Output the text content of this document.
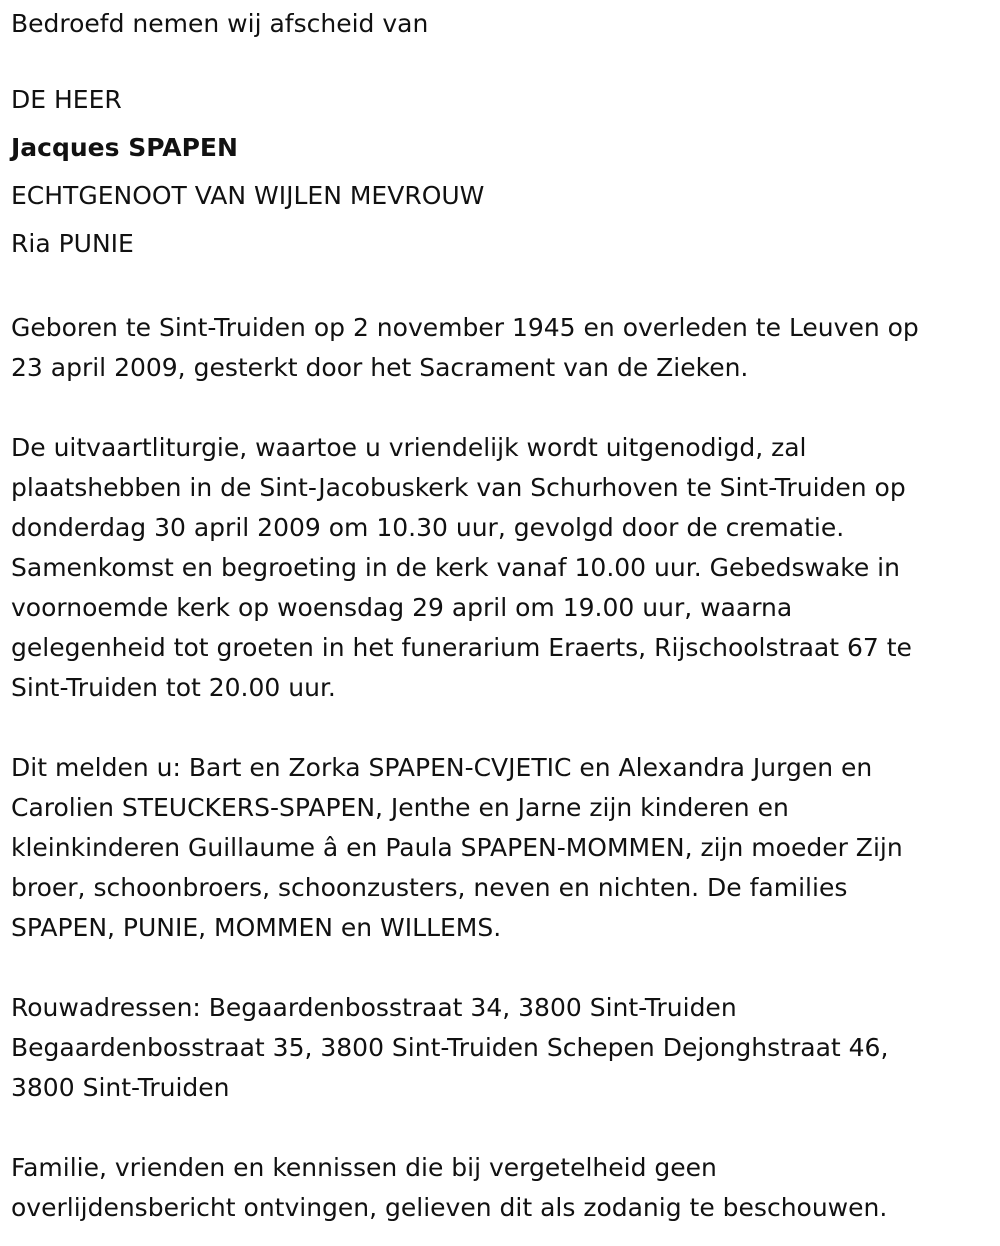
Bedroefd nemen wij afscheid van

DE HEER

Jacques SPAPEN

ECHTGENOOT VAN WIJLEN MEVROUW

Ria PUNIE

Geboren te Sint-Truiden op 2 november 1945 en overleden te Leuven op

23 april 2009, gesterkt door het Sacrament van de Zieken.

De uitvaartliturgie, waartoe u vriendelijk wordt uitgenodigd, zal

plaatshebben in de Sint-Jacobuskerk van Schurhoven te Sint-Truiden op

donderdag 30 april 2009 om 10.30 uur, gevolgd door de crematie.

Samenkomst en begroeting in de kerk vanaf 10.00 uur. Gebedswake in

voornoemde kerk op woensdag 29 april om 19.00 uur, waarna

gelegenheid tot groeten in het funerarium Eraerts, Rijschoolstraat 67 te

Sint-Truiden tot 20.00 uur.

Dit melden u: Bart en Zorka SPAPEN-CVJETIC en Alexandra Jurgen en

Carolien STEUCKERS-SPAPEN, Jenthe en Jarne zijn kinderen en

kleinkinderen Guillaume â en Paula SPAPEN-MOMMEN, zijn moeder Zijn

broer, schoonbroers, schoonzusters, neven en nichten. De families

SPAPEN, PUNIE, MOMMEN en WILLEMS.

Rouwadressen: Begaardenbosstraat 34, 3800 Sint-Truiden

Begaardenbosstraat 35, 3800 Sint-Truiden Schepen Dejonghstraat 46,

3800 Sint-Truiden

Familie, vrienden en kennissen die bij vergetelheid geen

overlijdensbericht ontvingen, gelieven dit als zodanig te beschouwen.
